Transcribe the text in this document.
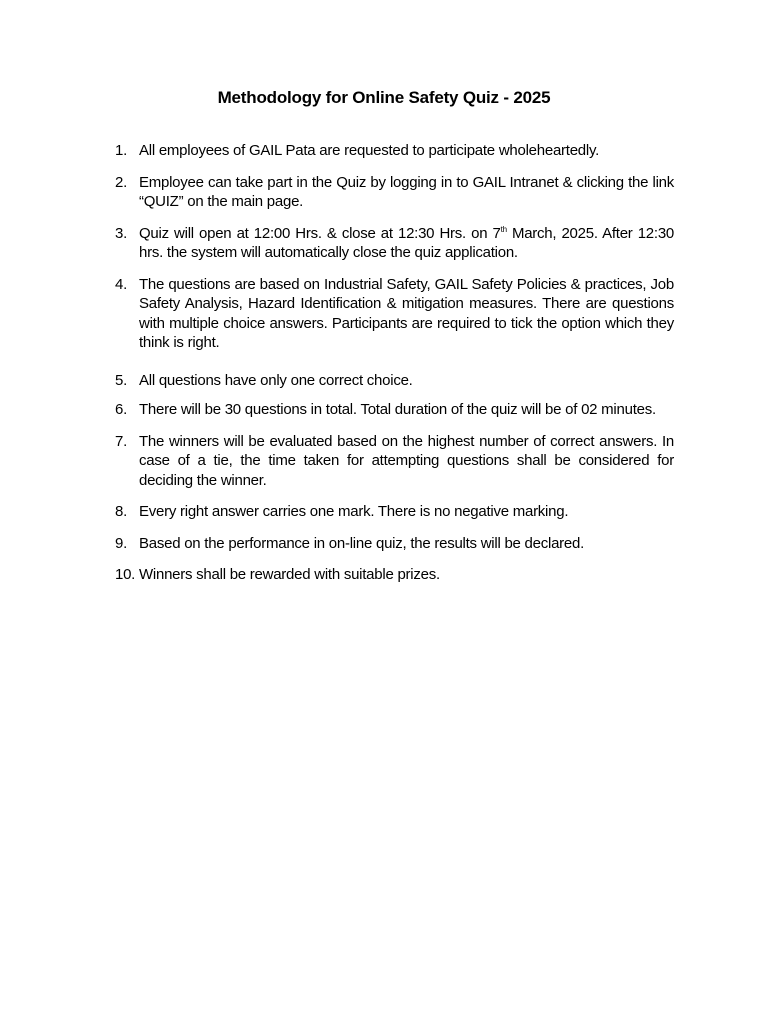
Methodology for Online Safety Quiz - 2025
1. All employees of GAIL Pata are requested to participate wholeheartedly.
2. Employee can take part in the Quiz by logging in to GAIL Intranet & clicking the link “QUIZ” on the main page.
3. Quiz will open at 12:00 Hrs. & close at 12:30 Hrs. on 7th March, 2025. After 12:30 hrs. the system will automatically close the quiz application.
4. The questions are based on Industrial Safety, GAIL Safety Policies & practices, Job Safety Analysis, Hazard Identification & mitigation measures. There are questions with multiple choice answers. Participants are required to tick the option which they think is right.
5. All questions have only one correct choice.
6. There will be 30 questions in total. Total duration of the quiz will be of 02 minutes.
7. The winners will be evaluated based on the highest number of correct answers. In case of a tie, the time taken for attempting questions shall be considered for deciding the winner.
8. Every right answer carries one mark. There is no negative marking.
9. Based on the performance in on-line quiz, the results will be declared.
10. Winners shall be rewarded with suitable prizes.
